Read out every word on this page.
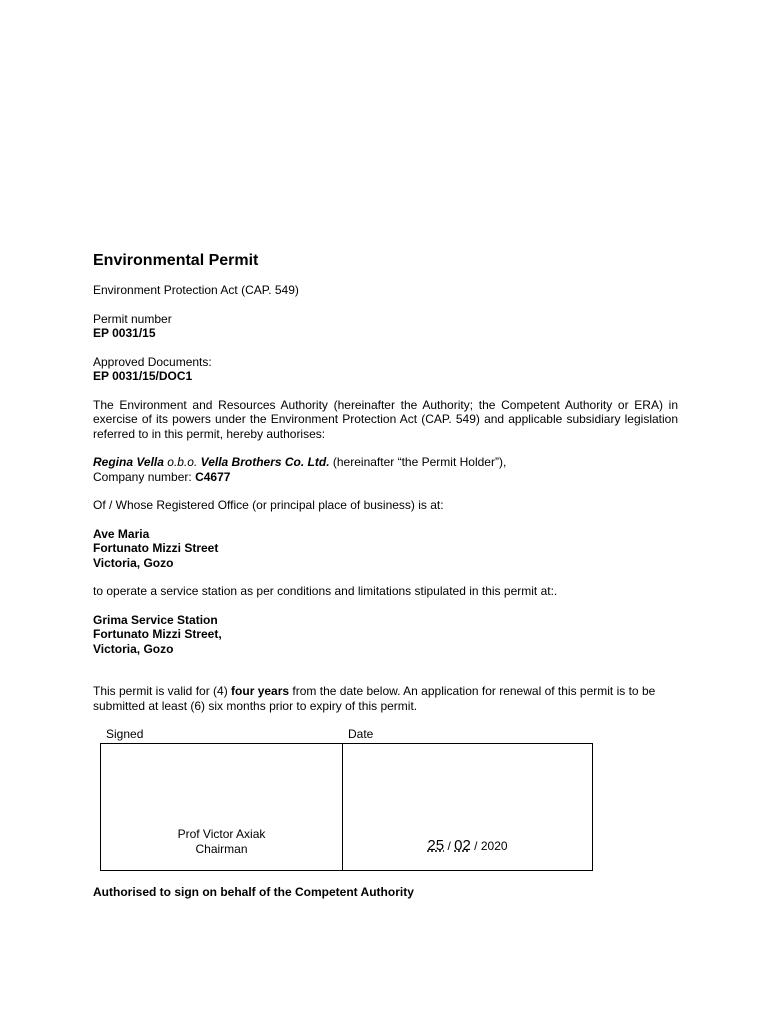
Environmental Permit

Environment Protection Act (CAP. 549)

Permit number

EP 0031/15

Approved Documents:

EP 0031/15/DOC1

The Environment and Resources Authority (hereinafter the Authority; the Competent Authority or ERA) in exercise of its powers under the Environment Protection Act (CAP. 549) and applicable subsidiary legislation referred to in this permit, hereby authorises:

Regina Vella o.b.o. Vella Brothers Co. Ltd. (hereinafter “the Permit Holder”),

Company number: C4677

Of / Whose Registered Office (or principal place of business) is at:

Ave Maria

Fortunato Mizzi Street

Victoria, Gozo

to operate a service station as per conditions and limitations stipulated in this permit at:.

Grima Service Station

Fortunato Mizzi Street,

Victoria, Gozo

This permit is valid for (4) four years from the date below. An application for renewal of this permit is to be submitted at least (6) six months prior to expiry of this permit.

Signed	Date
Prof Victor Axiak
Chairman	25 / 02 / 2020

Authorised to sign on behalf of the Competent Authority
